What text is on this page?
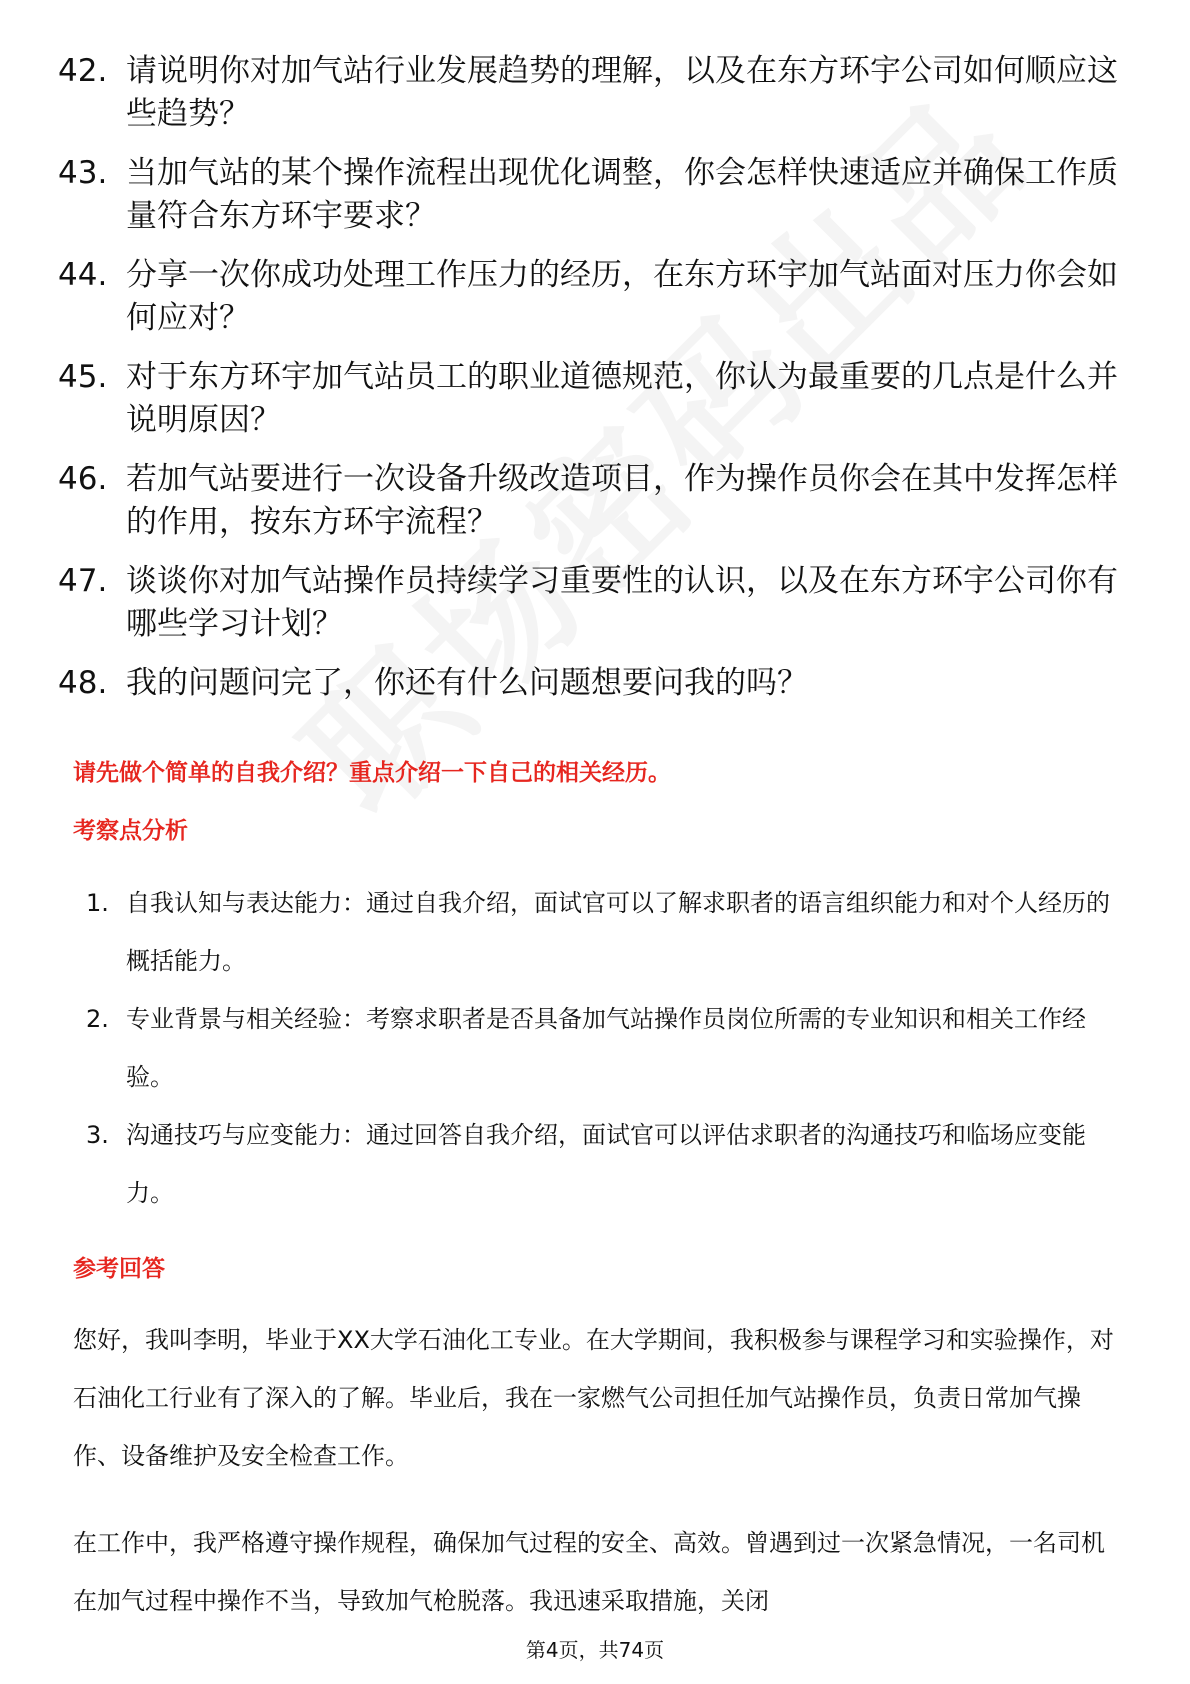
42. 请说明你对加气站行业发展趋势的理解，以及在东方环宇公司如何顺应这些趋势？
43. 当加气站的某个操作流程出现优化调整，你会怎样快速适应并确保工作质量符合东方环宇要求？
44. 分享一次你成功处理工作压力的经历，在东方环宇加气站面对压力你会如何应对？
45. 对于东方环宇加气站员工的职业道德规范，你认为最重要的几点是什么并说明原因？
46. 若加气站要进行一次设备升级改造项目，作为操作员你会在其中发挥怎样的作用，按东方环宇流程？
47. 谈谈你对加气站操作员持续学习重要性的认识，以及在东方环宇公司你有哪些学习计划？
48. 我的问题问完了，你还有什么问题想要问我的吗？
请先做个简单的自我介绍？重点介绍一下自己的相关经历。
考察点分析
1. 自我认知与表达能力：通过自我介绍，面试官可以了解求职者的语言组织能力和对个人经历的概括能力。
2. 专业背景与相关经验：考察求职者是否具备加气站操作员岗位所需的专业知识和相关工作经验。
3. 沟通技巧与应变能力：通过回答自我介绍，面试官可以评估求职者的沟通技巧和临场应变能力。
参考回答
您好，我叫李明，毕业于XX大学石油化工专业。在大学期间，我积极参与课程学习和实验操作，对石油化工行业有了深入的了解。毕业后，我在一家燃气公司担任加气站操作员，负责日常加气操作、设备维护及安全检查工作。
在工作中，我严格遵守操作规程，确保加气过程的安全、高效。曾遇到过一次紧急情况，一名司机在加气过程中操作不当，导致加气枪脱落。我迅速采取措施，关闭
第4页，共74页
